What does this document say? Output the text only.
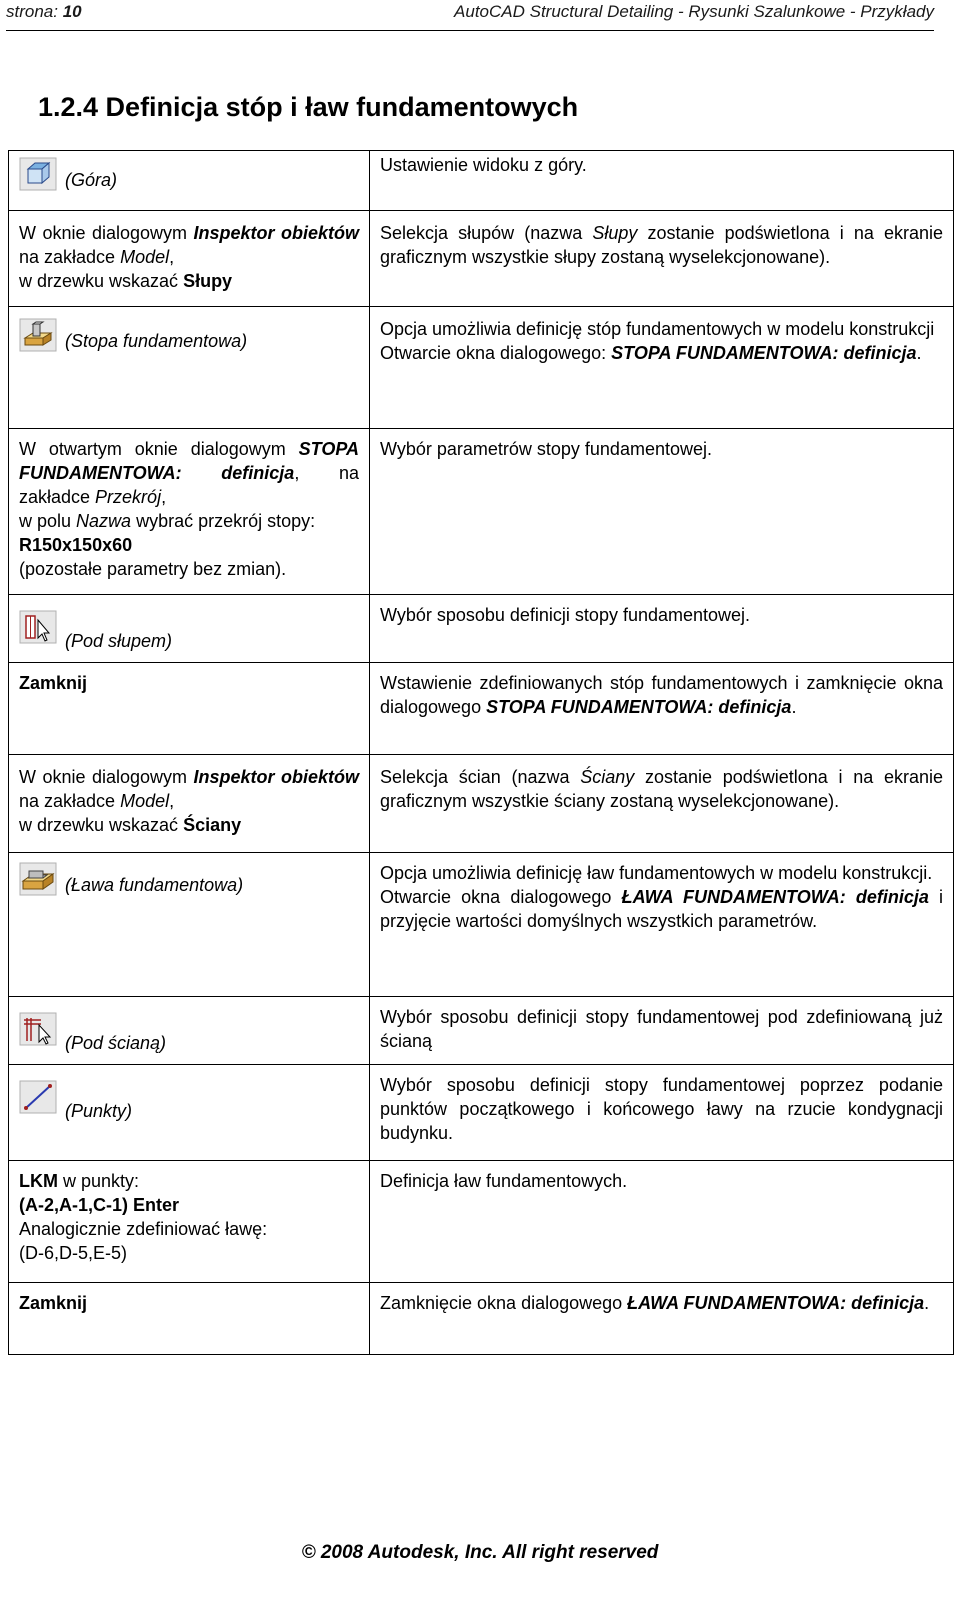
strona: 10	AutoCAD Structural Detailing - Rysunki Szalunkowe - Przykłady
1.2.4 Definicja stóp i ław fundamentowych
(Góra)	Ustawienie widoku z góry.
W oknie dialogowym Inspektor obiektów na zakładce Model,
w drzewku wskazać Słupy	Selekcja słupów (nazwa Słupy zostanie podświetlona i na ekranie graficznym wszystkie słupy zostaną wyselekcjonowane).

(Stopa fundamentowa)	Opcja umożliwia definicję stóp fundamentowych w modelu konstrukcji
Otwarcie okna dialogowego: STOPA FUNDAMENTOWA: definicja.
W otwartym oknie dialogowym STOPA FUNDAMENTOWA: definicja, na zakładce Przekrój,
w polu Nazwa wybrać przekrój stopy:
R150x150x60
(pozostałe parametry bez zmian).	Wybór parametrów stopy fundamentowej.

(Pod słupem)	Wybór sposobu definicji stopy fundamentowej.
Zamknij	Wstawienie zdefiniowanych stóp fundamentowych i zamknięcie okna dialogowego STOPA FUNDAMENTOWA: definicja.
W oknie dialogowym Inspektor obiektów na zakładce Model,
w drzewku wskazać Ściany	Selekcja ścian (nazwa Ściany zostanie podświetlona i na ekranie graficznym wszystkie ściany zostaną wyselekcjonowane).

(Ława fundamentowa)	Opcja umożliwia definicję ław fundamentowych w modelu konstrukcji.
Otwarcie okna dialogowego ŁAWA FUNDAMENTOWA: definicja i przyjęcie wartości domyślnych wszystkich parametrów.

(Pod ścianą)	Wybór sposobu definicji stopy fundamentowej pod zdefiniowaną już ścianą

(Punkty)	Wybór sposobu definicji stopy fundamentowej poprzez podanie punktów początkowego i końcowego ławy na rzucie kondygnacji budynku.
LKM w punkty:
(A-2,A-1,C-1) Enter
Analogicznie zdefiniować ławę:
(D-6,D-5,E-5)	Definicja ław fundamentowych.
Zamknij	Zamknięcie okna dialogowego ŁAWA FUNDAMENTOWA: definicja.
© 2008 Autodesk, Inc. All right reserved
